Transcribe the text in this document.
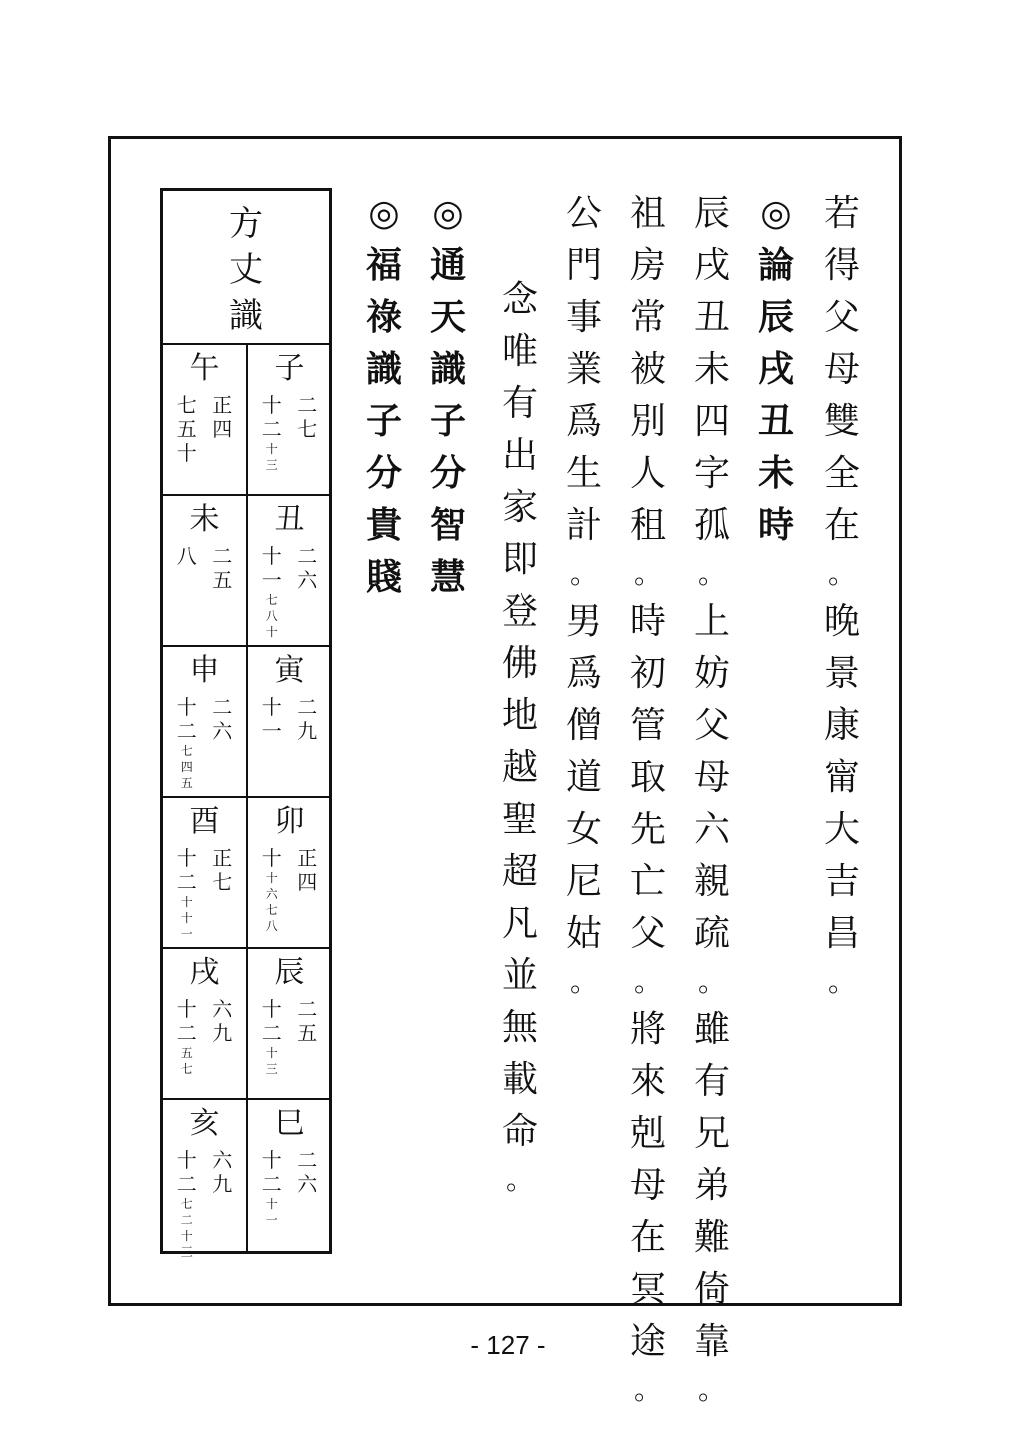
若
得
父
母
雙
全
在
。
晚
景
康
甯
大
吉
昌
。
◎
論
辰
戌
丑
未
時
辰
戌
丑
未
四
字
孤
。
上
妨
父
母
六
親
疏
。
雖
有
兄
弟
難
倚
靠
。
祖
房
常
被
別
人
租
。
時
初
管
取
先
亡
父
。
將
來
剋
母
在
冥
途
。
公
門
事
業
爲
生
計
。
男
爲
僧
道
女
尼
姑
。
念
唯
有
出
家
即
登
佛
地
越
聖
超
凡
並
無
載
命
。
◎
通
天
識
子
分
智
慧
◎
福
祿
識
子
分
貴
賤
方
丈
識
子
二
七
十
二
十
三
午
正
四
七
五
十
丑
二
六
十
一
七
八
十
未
二
五
八
寅
二
九
十
一
申
二
六
十
二
七
四
五
卯
正
四
十
十
六
七
八
酉
正
七
十
二
十
十
一
辰
二
五
十
二
十
三
戌
六
九
十
二
五
七
巳
二
六
十
二
十
一
亥
六
九
十
二
七
二
十
三
- 127 -
